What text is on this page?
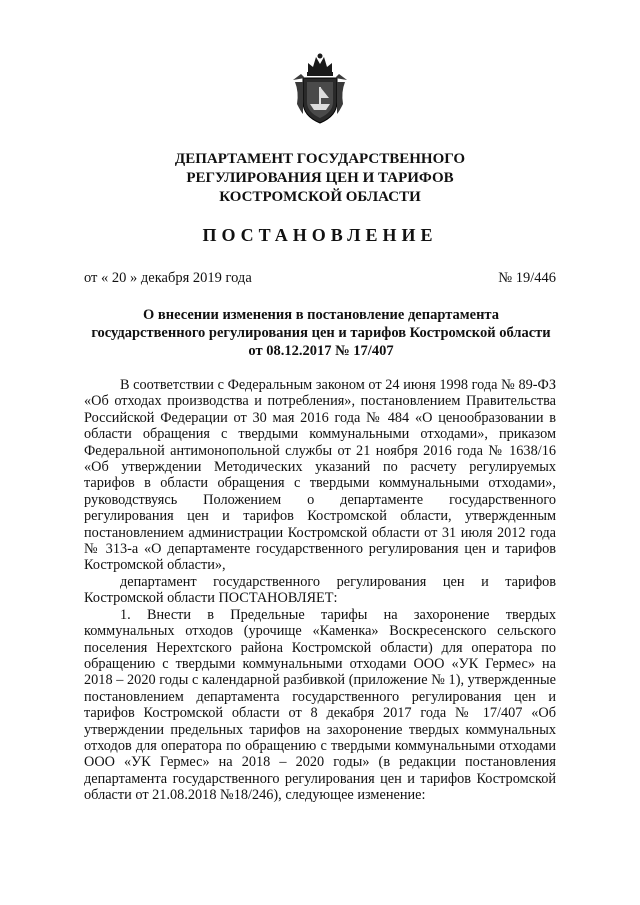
ДЕПАРТАМЕНТ ГОСУДАРСТВЕННОГО
РЕГУЛИРОВАНИЯ ЦЕН И ТАРИФОВ
КОСТРОМСКОЙ ОБЛАСТИ
ПОСТАНОВЛЕНИЕ
от « 20 » декабря 2019 года	№ 19/446
О внесении изменения в постановление департамента
государственного регулирования цен и тарифов Костромской области
от 08.12.2017 № 17/407

В соответствии с Федеральным законом от 24 июня 1998 года № 89-ФЗ «Об отходах производства и потребления», постановлением Правительства Российской Федерации от 30 мая 2016 года № 484 «О ценообразовании в области обращения с твердыми коммунальными отходами», приказом Федеральной антимонопольной службы от 21 ноября 2016 года № 1638/16 «Об утверждении Методических указаний по расчету регулируемых тарифов в области обращения с твердыми коммунальными отходами», руководствуясь Положением о департаменте государственного регулирования цен и тарифов Костромской области, утвержденным постановлением администрации Костромской области от 31 июля 2012 года № 313-а «О департаменте государственного регулирования цен и тарифов Костромской области»,

департамент государственного регулирования цен и тарифов Костромской области ПОСТАНОВЛЯЕТ:

1. Внести в Предельные тарифы на захоронение твердых коммунальных отходов (урочище «Каменка» Воскресенского сельского поселения Нерехтского района Костромской области) для оператора по обращению с твердыми коммунальными отходами ООО «УК Гермес» на 2018 – 2020 годы с календарной разбивкой (приложение № 1), утвержденные постановлением департамента государственного регулирования цен и тарифов Костромской области от 8 декабря 2017 года № 17/407 «Об утверждении предельных тарифов на захоронение твердых коммунальных отходов для оператора по обращению с твердыми коммунальными отходами ООО «УК Гермес» на 2018 – 2020 годы» (в редакции постановления департамента государственного регулирования цен и тарифов Костромской области от 21.08.2018 №18/246), следующее изменение:
